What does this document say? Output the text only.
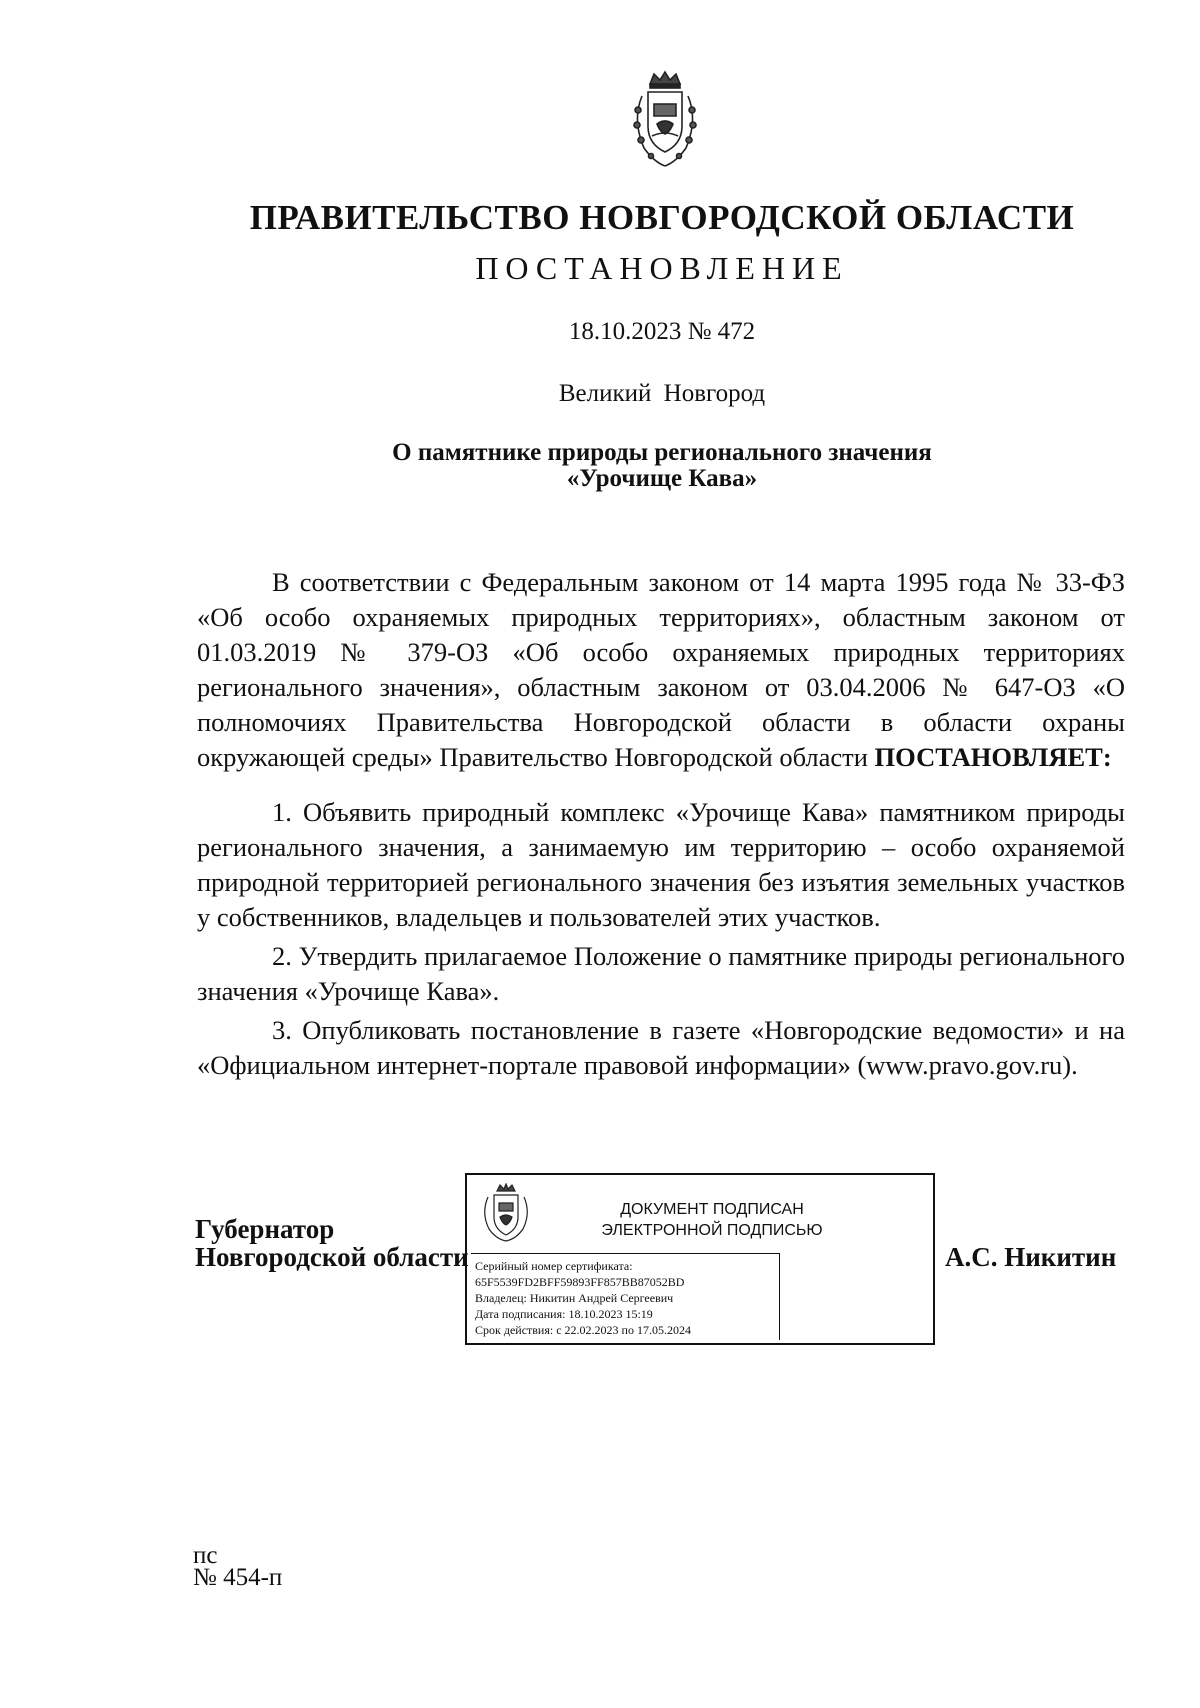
ПРАВИТЕЛЬСТВО НОВГОРОДСКОЙ ОБЛАСТИ
ПОСТАНОВЛЕНИЕ
18.10.2023 № 472
Великий Новгород
О памятнике природы регионального значения
«Урочище Кава»

В соответствии с Федеральным законом от 14 марта 1995 года № 33-ФЗ «Об особо охраняемых природных территориях», областным законом от 01.03.2019 № 379-ОЗ «Об особо охраняемых природных территориях регионального значения», областным законом от 03.04.2006 № 647-ОЗ «О полномочиях Правительства Новгородской области в области охраны окружающей среды» Правительство Новгородской области ПОСТАНОВЛЯЕТ:

1. Объявить природный комплекс «Урочище Кава» памятником природы регионального значения, а занимаемую им территорию – особо охраняемой природной территорией регионального значения без изъятия земельных участков у собственников, владельцев и пользователей этих участков.

2. Утвердить прилагаемое Положение о памятнике природы регионального значения «Урочище Кава».

3. Опубликовать постановление в газете «Новгородские ведомости» и на «Официальном интернет-портале правовой информации» (www.pravo.gov.ru).

Губернатор
Новгородской области
ДОКУМЕНТ ПОДПИСАН
ЭЛЕКТРОННОЙ ПОДПИСЬЮ
Серийный номер сертификата:
65F5539FD2BFF59893FF857BB87052BD
Владелец: Никитин Андрей Сергеевич
Дата подписания: 18.10.2023 15:19
Срок действия: с 22.02.2023 по 17.05.2024
А.С. Никитин
пс
№ 454-п
